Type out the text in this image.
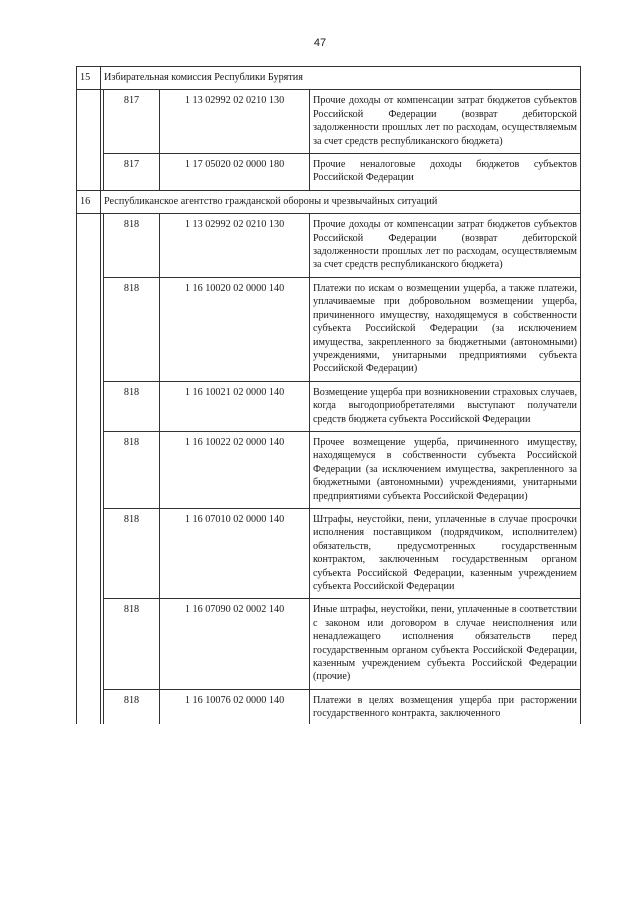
47
15	Избирательная комиссия Республики Бурятия			
		817	1 13 02992 02 0210 130	Прочие доходы от компенсации затрат бюджетов субъектов Российской Федерации (возврат дебиторской задолженности прошлых лет по расходам, осуществляемым за счет средств республиканского бюджета)
		817	1 17 05020 02 0000 180	Прочие неналоговые доходы бюджетов субъектов Российской Федерации
16	Республиканское агентство гражданской обороны и чрезвычайных ситуаций			
		818	1 13 02992 02 0210 130	Прочие доходы от компенсации затрат бюджетов субъектов Российской Федерации (возврат дебиторской задолженности прошлых лет по расходам, осуществляемым за счет средств республиканского бюджета)
		818	1 16 10020 02 0000 140	Платежи по искам о возмещении ущерба, а также платежи, уплачиваемые при добровольном возмещении ущерба, причиненного имуществу, находящемуся в собственности субъекта Российской Федерации (за исключением имущества, закрепленного за бюджетными (автономными) учреждениями, унитарными предприятиями субъекта Российской Федерации)
		818	1 16 10021 02 0000 140	Возмещение ущерба при возникновении страховых случаев, когда выгодоприобретателями выступают получатели средств бюджета субъекта Российской Федерации
		818	1 16 10022 02 0000 140	Прочее возмещение ущерба, причиненного имуществу, находящемуся в собственности субъекта Российской Федерации (за исключением имущества, закрепленного за бюджетными (автономными) учреждениями, унитарными предприятиями субъекта Российской Федерации)
		818	1 16 07010 02 0000 140	Штрафы, неустойки, пени, уплаченные в случае просрочки исполнения поставщиком (подрядчиком, исполнителем) обязательств, предусмотренных государственным контрактом, заключенным государственным органом субъекта Российской Федерации, казенным учреждением субъекта Российской Федерации
		818	1 16 07090 02 0002 140	Иные штрафы, неустойки, пени, уплаченные в соответствии с законом или договором в случае неисполнения или ненадлежащего исполнения обязательств перед государственным органом субъекта Российской Федерации, казенным учреждением субъекта Российской Федерации (прочие)
		818	1 16 10076 02 0000 140	Платежи в целях возмещения ущерба при расторжении государственного контракта, заключенного
